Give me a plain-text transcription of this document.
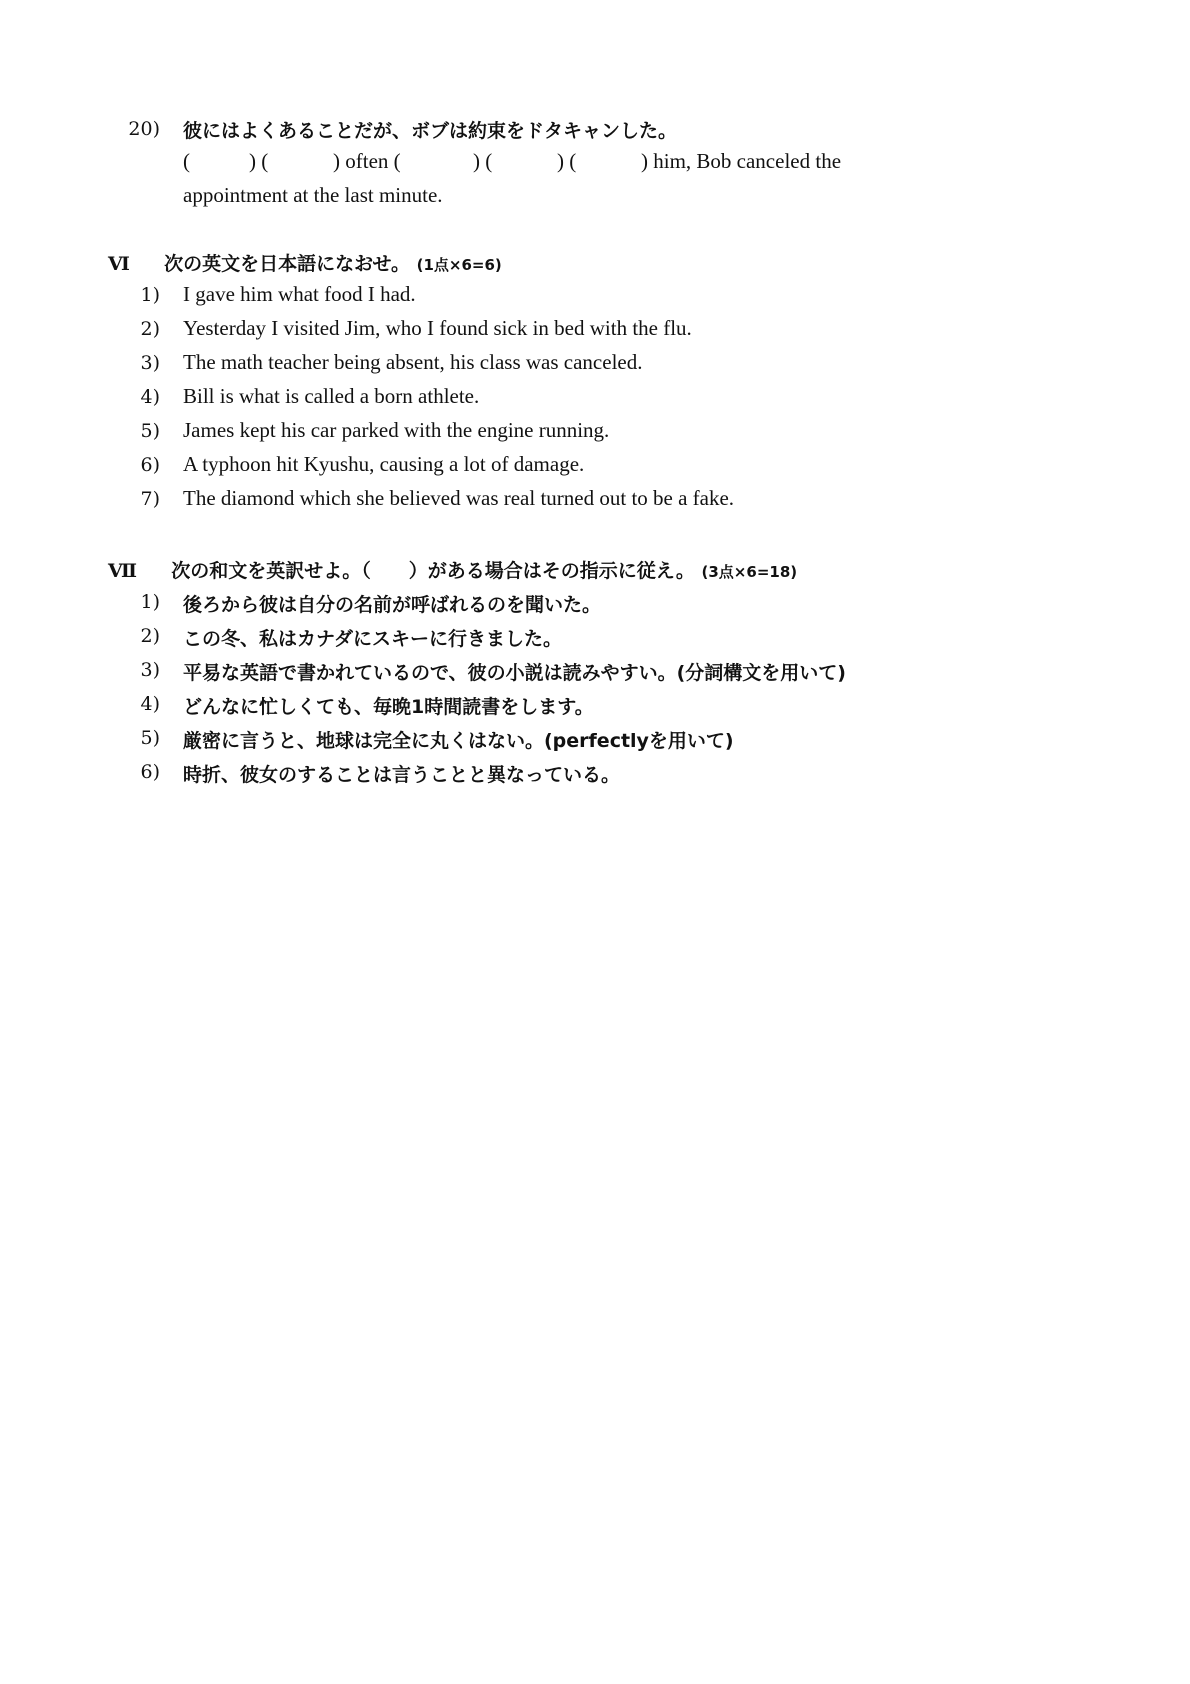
20) 彼にはよくあることだが、ボブは約束をドタキャンした。
(	) (	) often (	) (	) (	) him, Bob canceled the
appointment at the last minute.
Ⅵ 次の英文を日本語になおせ。 (1点×6=6)
1) I gave him what food I had.
2) Yesterday I visited Jim, who I found sick in bed with the flu.
3) The math teacher being absent, his class was canceled.
4) Bill is what is called a born athlete.
5) James kept his car parked with the engine running.
6) A typhoon hit Kyushu, causing a lot of damage.
7) The diamond which she believed was real turned out to be a fake.
Ⅶ 次の和文を英訳せよ。（　　）がある場合はその指示に従え。 (3点×6=18)
1) 後ろから彼は自分の名前が呼ばれるのを聞いた。
2) この冬、私はカナダにスキーに行きました。
3) 平易な英語で書かれているので、彼の小説は読みやすい。(分詞構文を用いて)
4) どんなに忙しくても、毎晩1時間読書をします。
5) 厳密に言うと、地球は完全に丸くはない。(perfectlyを用いて)
6) 時折、彼女のすることは言うことと異なっている。
